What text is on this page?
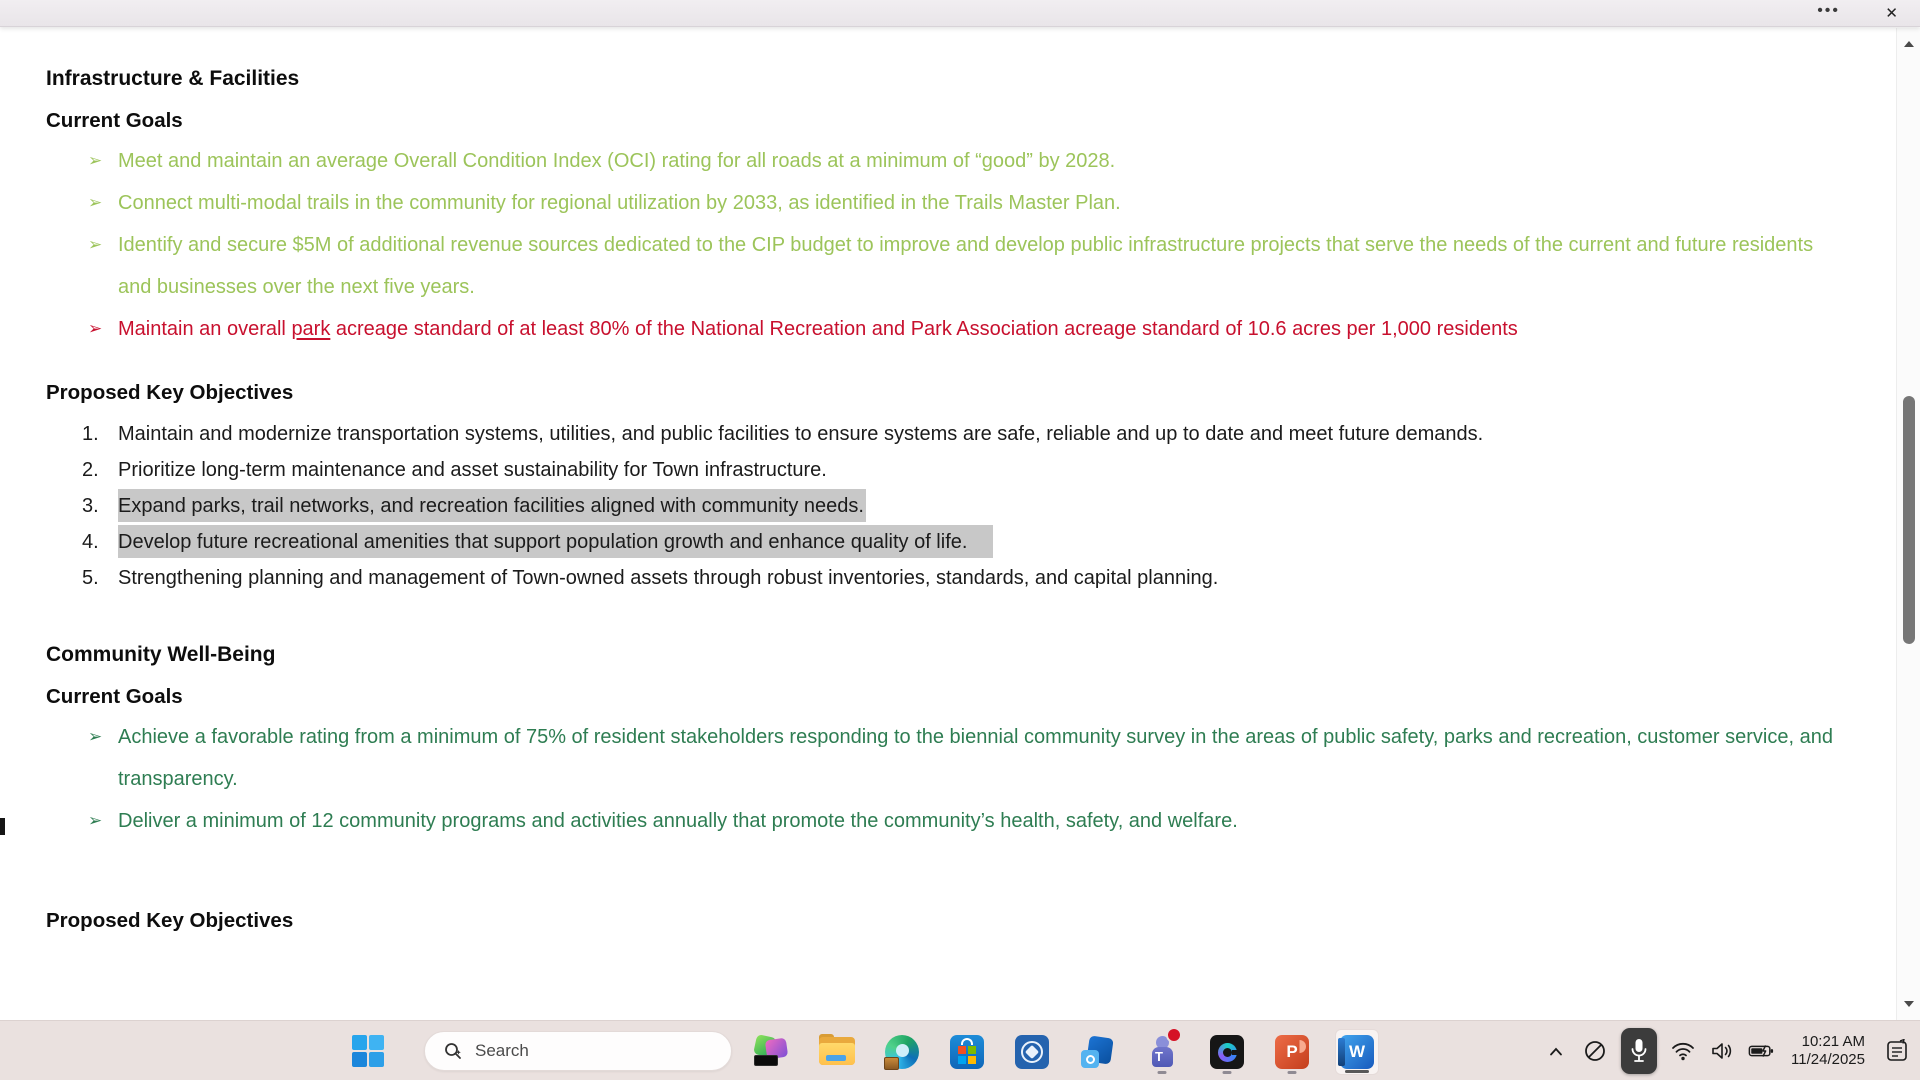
•••	✕
Infrastructure & Facilities
Current Goals
➢ Meet and maintain an average Overall Condition Index (OCI) rating for all roads at a minimum of “good” by 2028.
➢ Connect multi-modal trails in the community for regional utilization by 2033, as identified in the Trails Master Plan.
➢ Identify and secure $5M of additional revenue sources dedicated to the CIP budget to improve and develop public infrastructure projects that serve the needs of the current and future residents and businesses over the next five years.
➢ Maintain an overall park acreage standard of at least 80% of the National Recreation and Park Association acreage standard of 10.6 acres per 1,000 residents
Proposed Key Objectives
1. Maintain and modernize transportation systems, utilities, and public facilities to ensure systems are safe, reliable and up to date and meet future demands.
2. Prioritize long-term maintenance and asset sustainability for Town infrastructure.
3. Expand parks, trail networks, and recreation facilities aligned with community needs.
4. Develop future recreational amenities that support population growth and enhance quality of life.
5. Strengthening planning and management of Town-owned assets through robust inventories, standards, and capital planning.
Community Well-Being
Current Goals
➢ Achieve a favorable rating from a minimum of 75% of resident stakeholders responding to the biennial community survey in the areas of public safety, parks and recreation, customer service, and transparency.
➢ Deliver a minimum of 12 community programs and activities annually that promote the community’s health, safety, and welfare.
Proposed Key Objectives
Search	T	P	W
10:21 AM
11/24/2025
